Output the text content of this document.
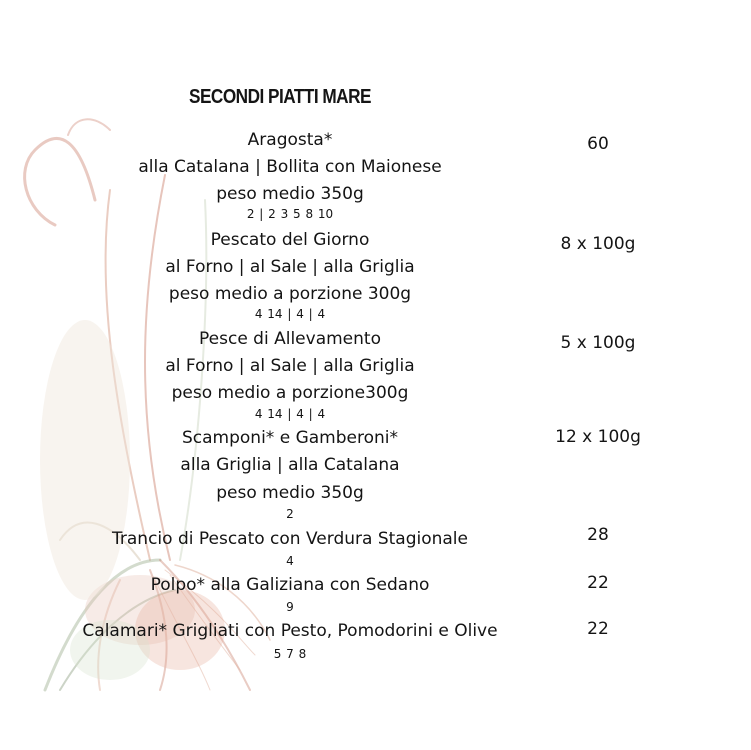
SECONDI PIATTI MARE
Aragosta*
alla Catalana | Bollita con Maionese
peso medio 350g
2 | 2 3 5 8 10
60
Pescato del Giorno
al Forno | al Sale | alla Griglia
peso medio a porzione 300g
4 14 | 4 | 4
8 x 100g
Pesce di Allevamento
al Forno | al Sale | alla Griglia
peso medio a porzione300g
4 14 | 4 | 4
5 x 100g
Scamponi* e Gamberoni*
alla Griglia | alla Catalana
peso medio 350g
2
12 x 100g
Trancio di Pescato con Verdura Stagionale
4
28
Polpo* alla Galiziana con Sedano
9
22
Calamari* Grigliati con Pesto, Pomodorini e Olive
5 7 8
22
